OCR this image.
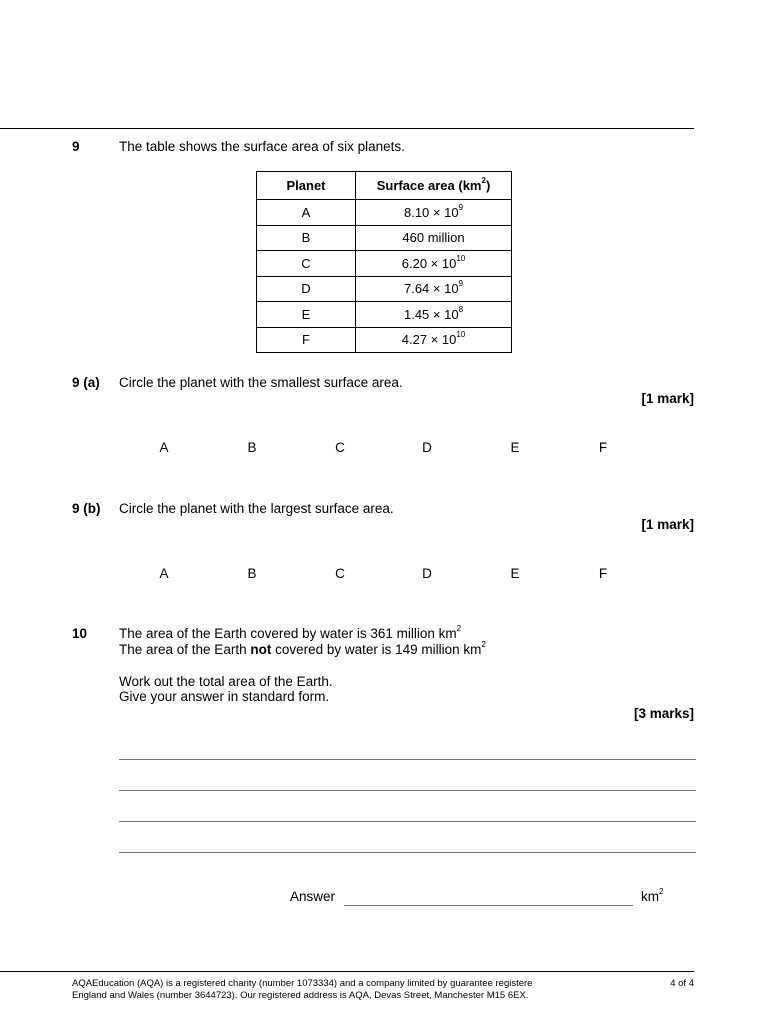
9	The table shows the surface area of six planets.
Planet	Surface area $(km^2)$
A	$8.10 \times 10^9$
B	460 million
C	$6.20 \times 10^{10}$
D	$7.64 \times 10^9$
E	$1.45 \times 10^8$
F	$4.27 \times 10^{10}$
9 (a) Circle the planet with the smallest surface area.
[1 mark]
A	B	C	D	E	F
9 (b) Circle the planet with the largest surface area.
[1 mark]
A	B	C	D	E	F
10 The area of the Earth covered by water is 361 million $km^2$
The area of the Earth not covered by water is 149 million $km^2$
Work out the total area of the Earth.
Give your answer in standard form.
[3 marks]
Answer	$km^2$
AQAEducation (AQA) is a registered charity (number 1073334) and a company limited by guarantee registere
England and Wales (number 3644723). Our registered address is AQA, Devas Street, Manchester M15 6EX.
4 of 4
